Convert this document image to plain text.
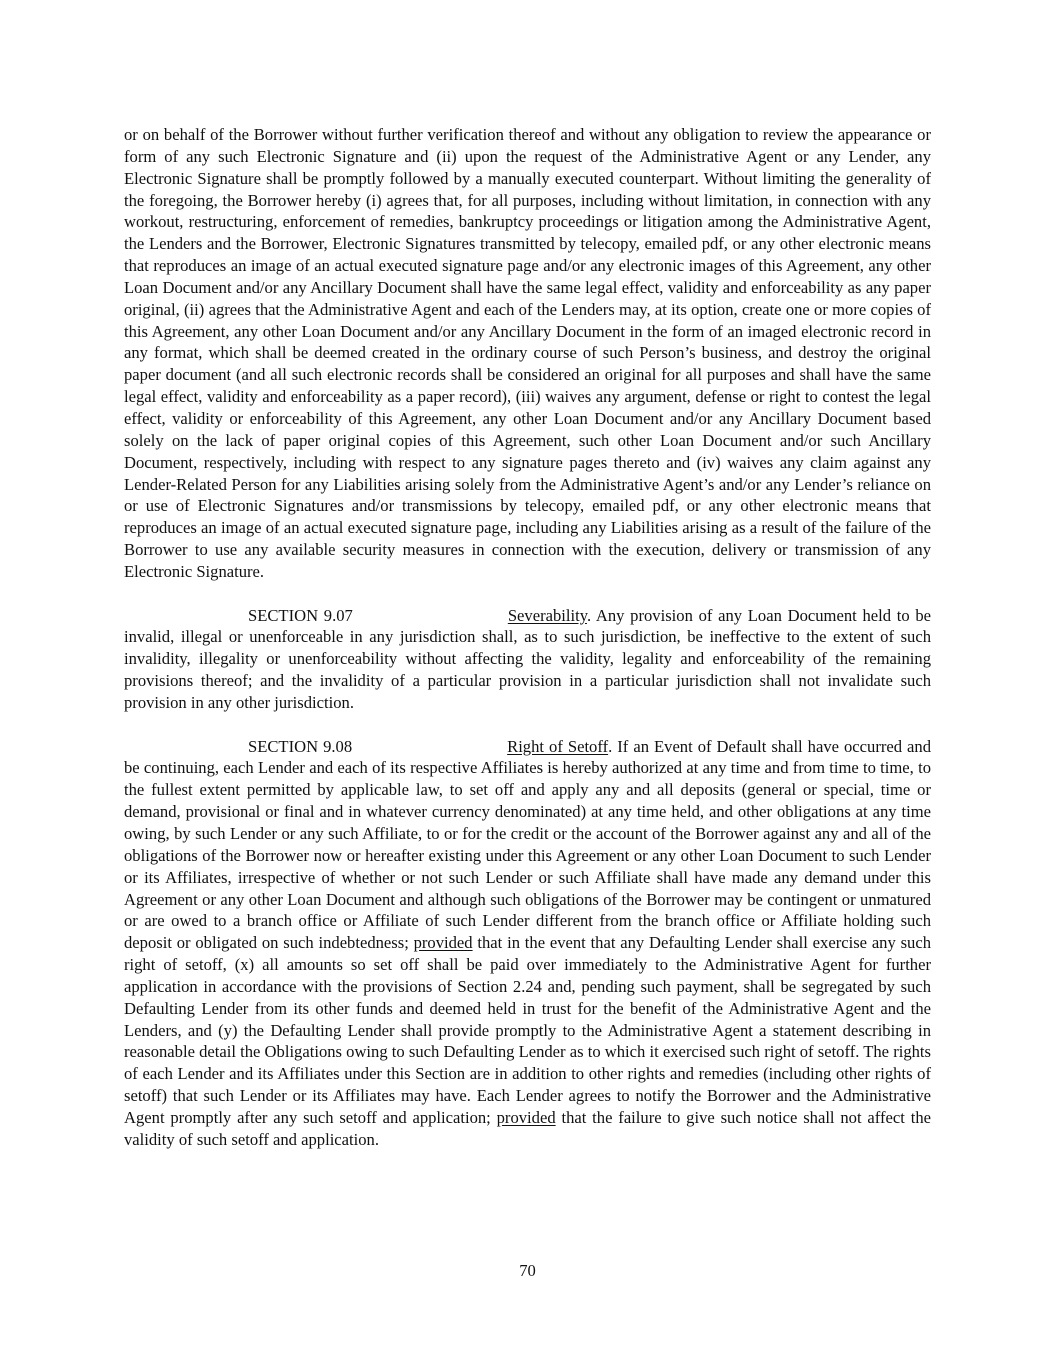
or on behalf of the Borrower without further verification thereof and without any obligation to review the appearance or form of any such Electronic Signature and (ii) upon the request of the Administrative Agent or any Lender, any Electronic Signature shall be promptly followed by a manually executed counterpart. Without limiting the generality of the foregoing, the Borrower hereby (i) agrees that, for all purposes, including without limitation, in connection with any workout, restructuring, enforcement of remedies, bankruptcy proceedings or litigation among the Administrative Agent, the Lenders and the Borrower, Electronic Signatures transmitted by telecopy, emailed pdf, or any other electronic means that reproduces an image of an actual executed signature page and/or any electronic images of this Agreement, any other Loan Document and/or any Ancillary Document shall have the same legal effect, validity and enforceability as any paper original, (ii) agrees that the Administrative Agent and each of the Lenders may, at its option, create one or more copies of this Agreement, any other Loan Document and/or any Ancillary Document in the form of an imaged electronic record in any format, which shall be deemed created in the ordinary course of such Person’s business, and destroy the original paper document (and all such electronic records shall be considered an original for all purposes and shall have the same legal effect, validity and enforceability as a paper record), (iii) waives any argument, defense or right to contest the legal effect, validity or enforceability of this Agreement, any other Loan Document and/or any Ancillary Document based solely on the lack of paper original copies of this Agreement, such other Loan Document and/or such Ancillary Document, respectively, including with respect to any signature pages thereto and (iv) waives any claim against any Lender-Related Person for any Liabilities arising solely from the Administrative Agent’s and/or any Lender’s reliance on or use of Electronic Signatures and/or transmissions by telecopy, emailed pdf, or any other electronic means that reproduces an image of an actual executed signature page, including any Liabilities arising as a result of the failure of the Borrower to use any available security measures in connection with the execution, delivery or transmission of any Electronic Signature.

SECTION 9.07	Severability. Any provision of any Loan Document held to be invalid, illegal or unenforceable in any jurisdiction shall, as to such jurisdiction, be ineffective to the extent of such invalidity, illegality or unenforceability without affecting the validity, legality and enforceability of the remaining provisions thereof; and the invalidity of a particular provision in a particular jurisdiction shall not invalidate such provision in any other jurisdiction.

SECTION 9.08	Right of Setoff. If an Event of Default shall have occurred and be continuing, each Lender and each of its respective Affiliates is hereby authorized at any time and from time to time, to the fullest extent permitted by applicable law, to set off and apply any and all deposits (general or special, time or demand, provisional or final and in whatever currency denominated) at any time held, and other obligations at any time owing, by such Lender or any such Affiliate, to or for the credit or the account of the Borrower against any and all of the obligations of the Borrower now or hereafter existing under this Agreement or any other Loan Document to such Lender or its Affiliates, irrespective of whether or not such Lender or such Affiliate shall have made any demand under this Agreement or any other Loan Document and although such obligations of the Borrower may be contingent or unmatured or are owed to a branch office or Affiliate of such Lender different from the branch office or Affiliate holding such deposit or obligated on such indebtedness; provided that in the event that any Defaulting Lender shall exercise any such right of setoff, (x) all amounts so set off shall be paid over immediately to the Administrative Agent for further application in accordance with the provisions of Section 2.24 and, pending such payment, shall be segregated by such Defaulting Lender from its other funds and deemed held in trust for the benefit of the Administrative Agent and the Lenders, and (y) the Defaulting Lender shall provide promptly to the Administrative Agent a statement describing in reasonable detail the Obligations owing to such Defaulting Lender as to which it exercised such right of setoff. The rights of each Lender and its Affiliates under this Section are in addition to other rights and remedies (including other rights of setoff) that such Lender or its Affiliates may have. Each Lender agrees to notify the Borrower and the Administrative Agent promptly after any such setoff and application; provided that the failure to give such notice shall not affect the validity of such setoff and application.

70
